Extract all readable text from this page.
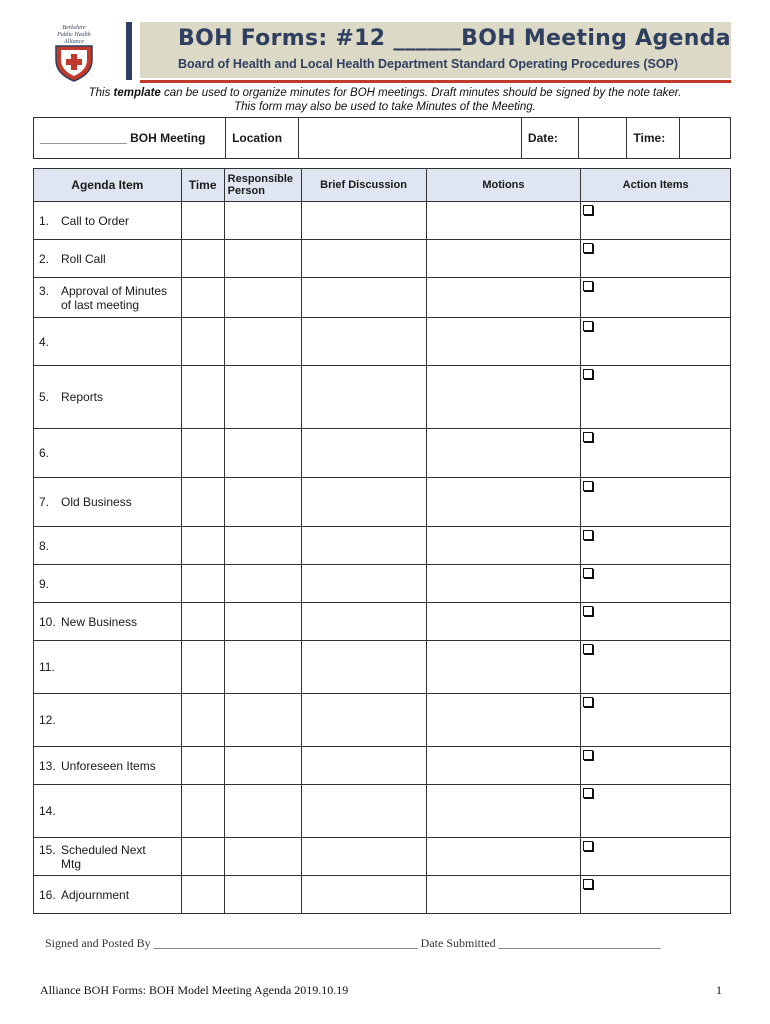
Berkshire
Public Health
Alliance	BOH Forms: #12 ______BOH Meeting Agenda
Board of Health and Local Health Department Standard Operating Procedures (SOP)
This template can be used to organize minutes for BOH meetings. Draft minutes should be signed by the note taker.
This form may also be used to take Minutes of the Meeting.
_____________ BOH Meeting	Location		Date:		Time:	
Agenda Item	Time	Responsible Person	Brief Discussion	Motions	Action Items
1. Call to Order					
2. Roll Call					
3. Approval of Minutes of last meeting					
4.					
5. Reports					
6.					
7. Old Business					
8.					
9.					
10. New Business					
11.					
12.					
13. Unforeseen Items					
14.					
15. Scheduled Next Mtg					
16. Adjournment					
Signed and Posted By ____________________________________________ Date Submitted ___________________________
Alliance BOH Forms: BOH Model Meeting Agenda 2019.10.19	1
